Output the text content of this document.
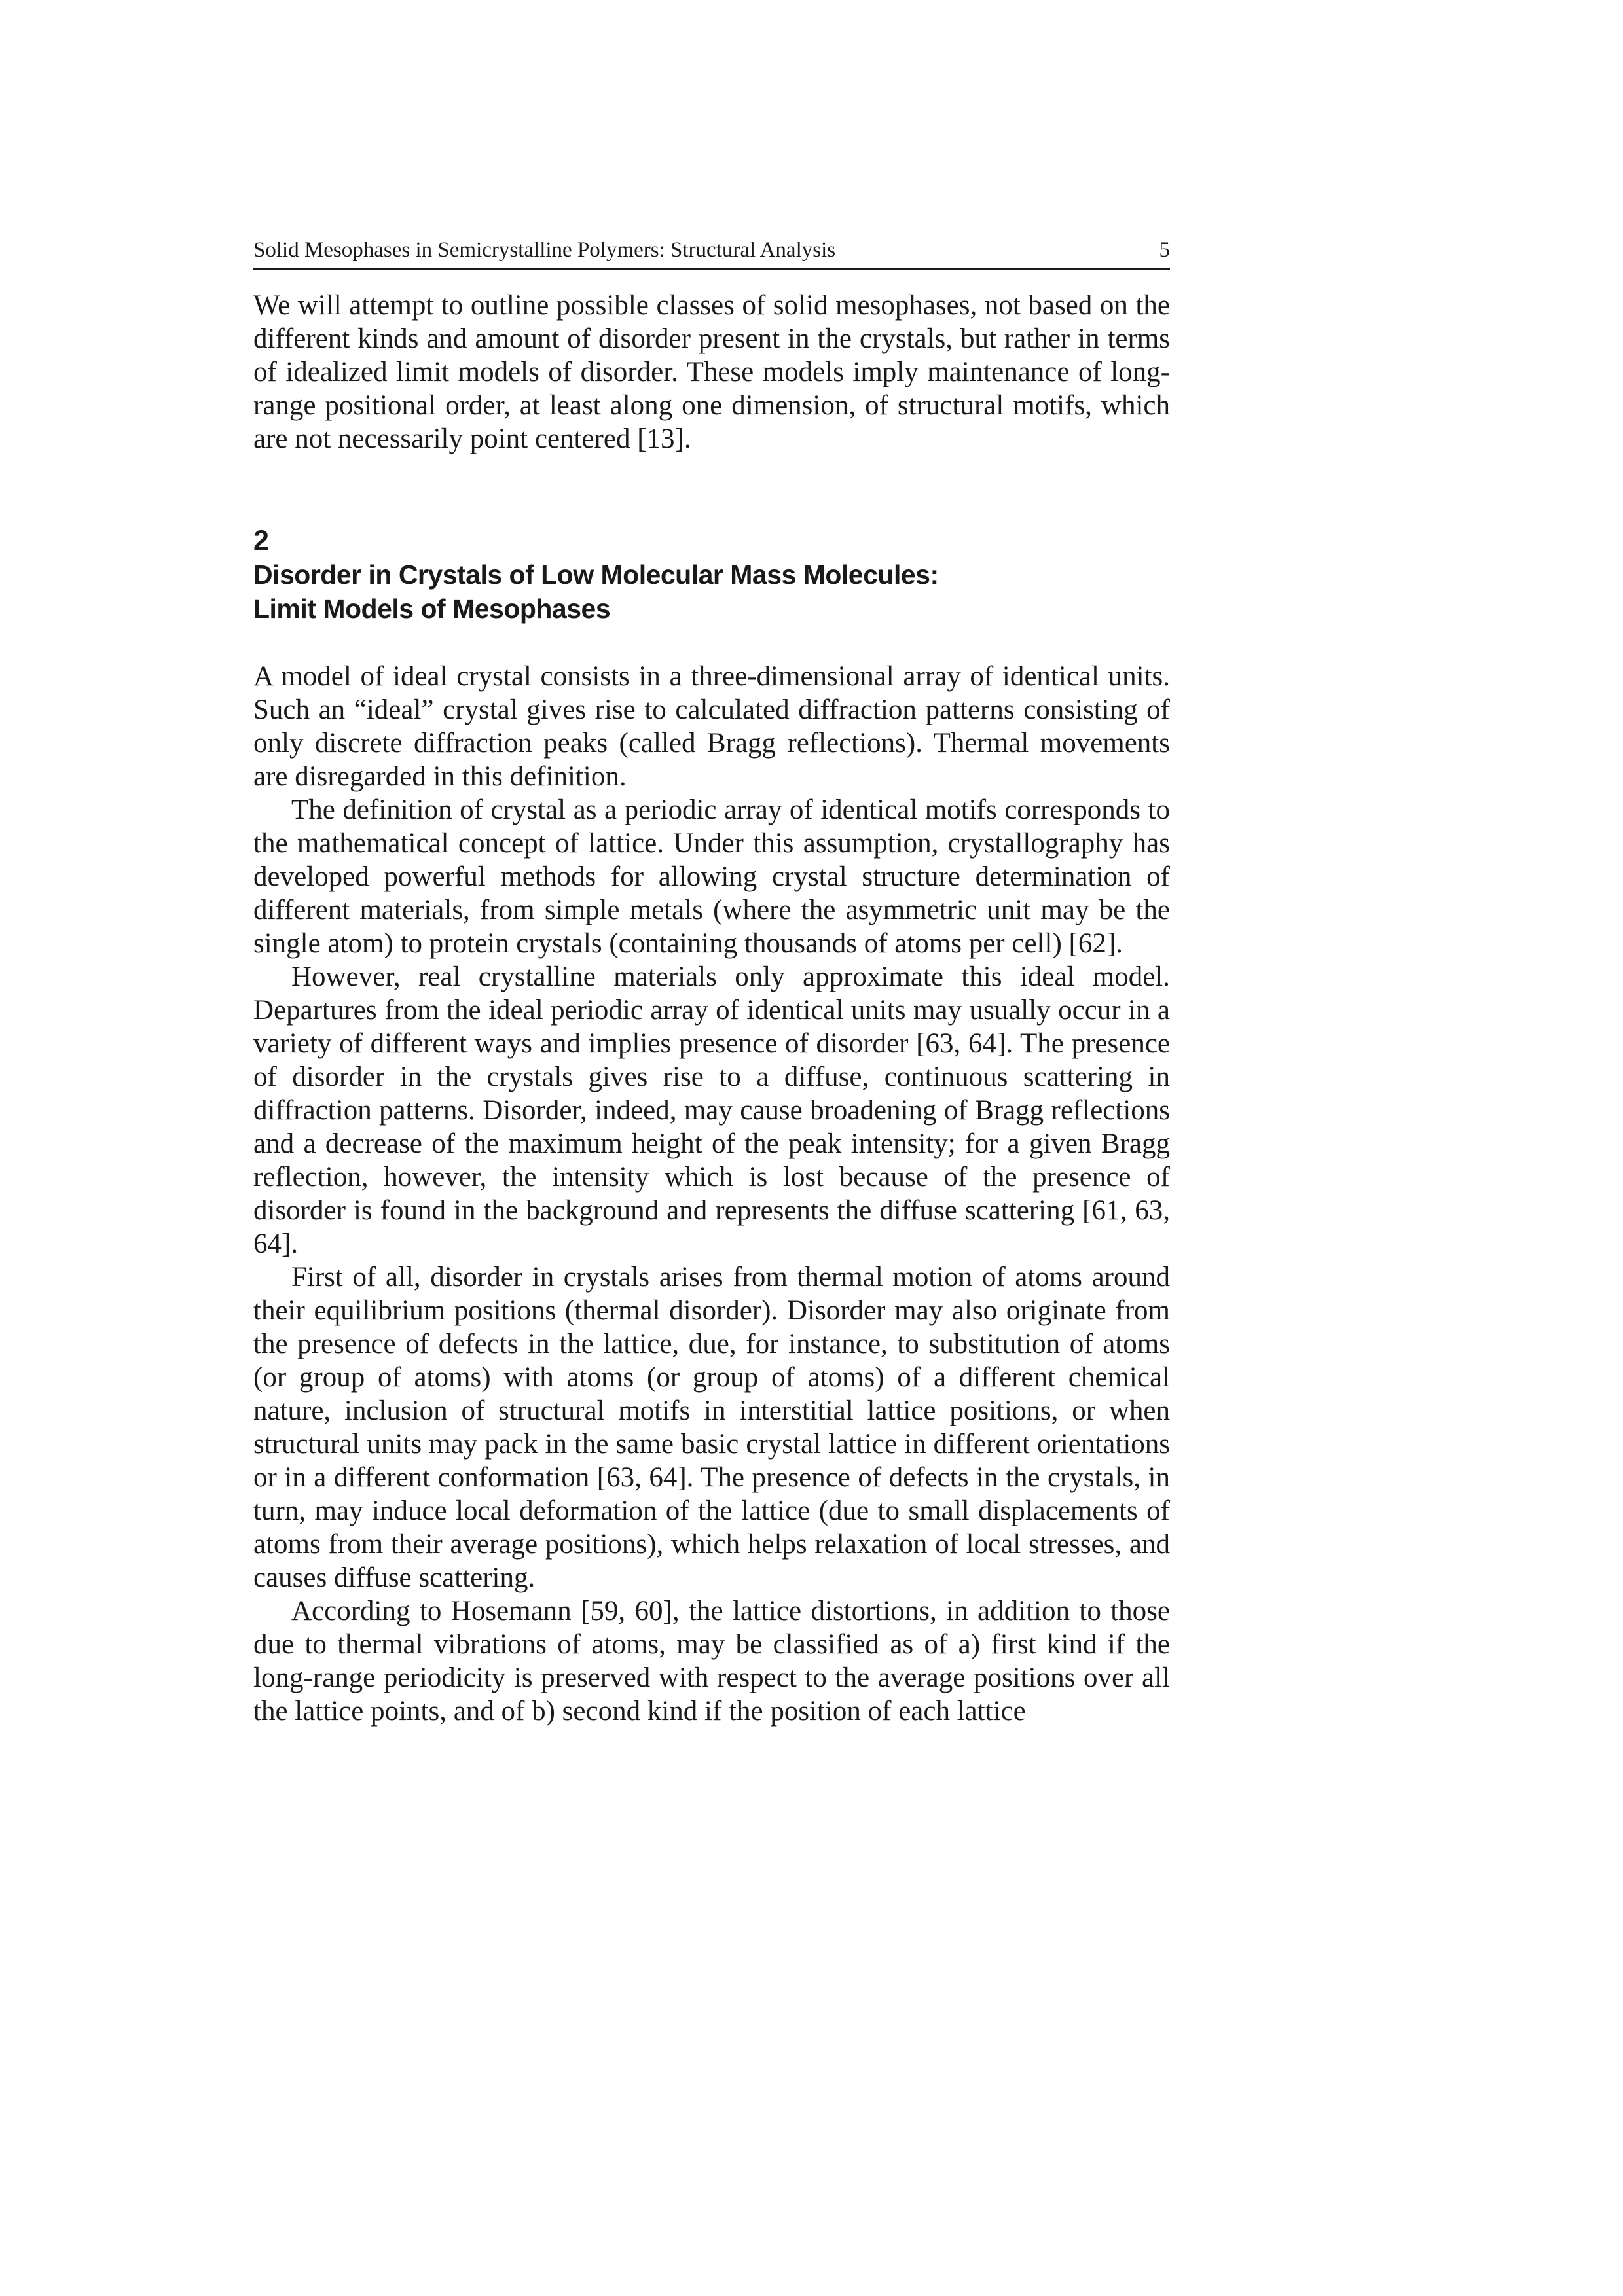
Solid Mesophases in Semicrystalline Polymers: Structural Analysis	5

We will attempt to outline possible classes of solid mesophases, not based on the different kinds and amount of disorder present in the crystals, but rather in terms of idealized limit models of disorder. These models imply maintenance of long-range positional order, at least along one dimension, of structural motifs, which are not necessarily point centered [13].

2
Disorder in Crystals of Low Molecular Mass Molecules:
Limit Models of Mesophases

A model of ideal crystal consists in a three-dimensional array of identical units. Such an “ideal” crystal gives rise to calculated diffraction patterns consisting of only discrete diffraction peaks (called Bragg reflections). Thermal movements are disregarded in this definition.

The definition of crystal as a periodic array of identical motifs corresponds to the mathematical concept of lattice. Under this assumption, crystallography has developed powerful methods for allowing crystal structure determination of different materials, from simple metals (where the asymmetric unit may be the single atom) to protein crystals (containing thousands of atoms per cell) [62].

However, real crystalline materials only approximate this ideal model. Departures from the ideal periodic array of identical units may usually occur in a variety of different ways and implies presence of disorder [63, 64]. The presence of disorder in the crystals gives rise to a diffuse, continuous scattering in diffraction patterns. Disorder, indeed, may cause broadening of Bragg reflections and a decrease of the maximum height of the peak intensity; for a given Bragg reflection, however, the intensity which is lost because of the presence of disorder is found in the background and represents the diffuse scattering [61, 63, 64].

First of all, disorder in crystals arises from thermal motion of atoms around their equilibrium positions (thermal disorder). Disorder may also originate from the presence of defects in the lattice, due, for instance, to substitution of atoms (or group of atoms) with atoms (or group of atoms) of a different chemical nature, inclusion of structural motifs in interstitial lattice positions, or when structural units may pack in the same basic crystal lattice in different orientations or in a different conformation [63, 64]. The presence of defects in the crystals, in turn, may induce local deformation of the lattice (due to small displacements of atoms from their average positions), which helps relaxation of local stresses, and causes diffuse scattering.

According to Hosemann [59, 60], the lattice distortions, in addition to those due to thermal vibrations of atoms, may be classified as of a) first kind if the long-range periodicity is preserved with respect to the average positions over all the lattice points, and of b) second kind if the position of each lattice
